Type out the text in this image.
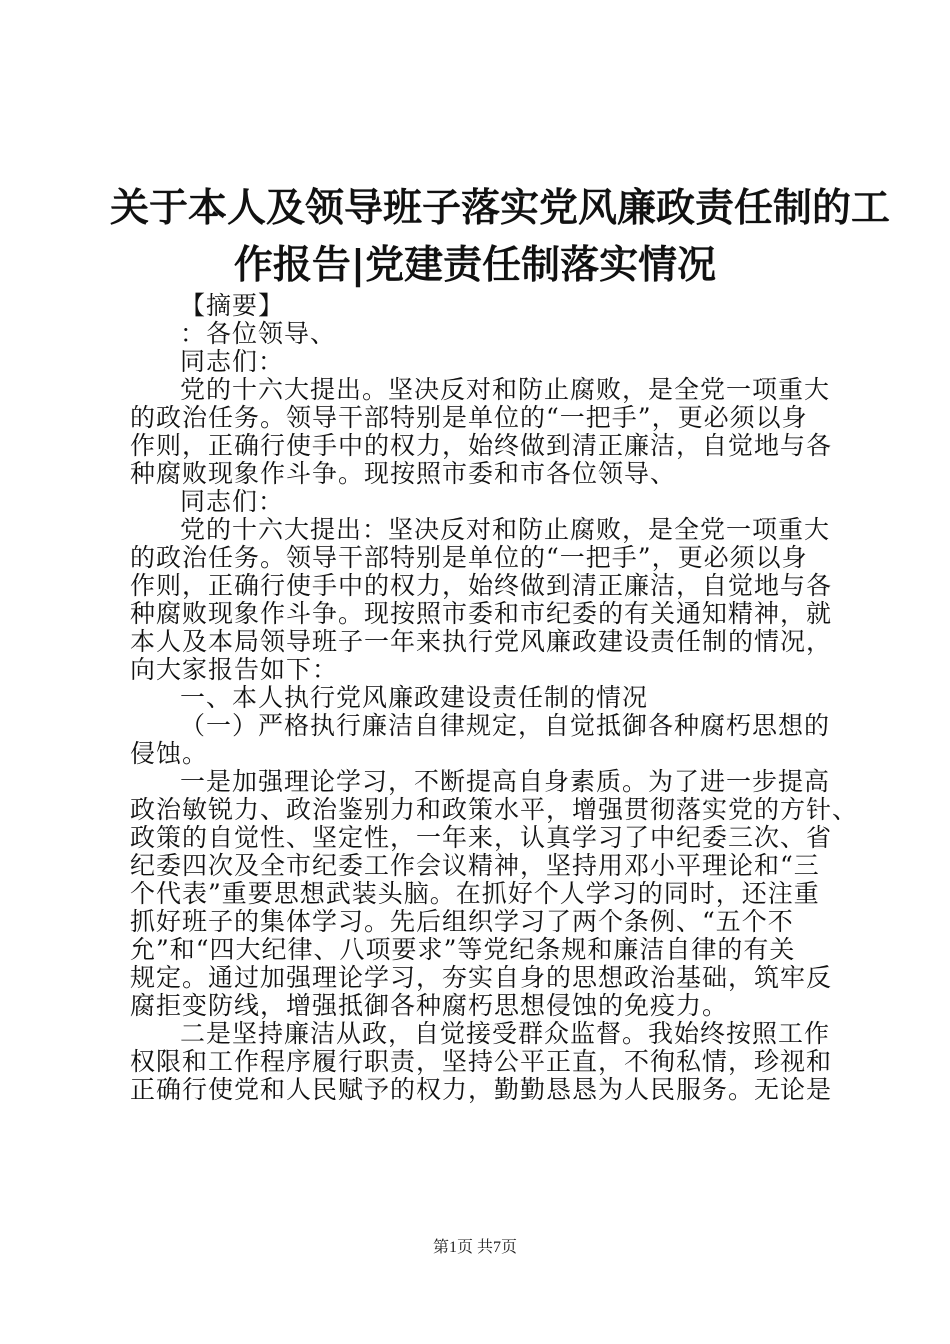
关于本人及领导班子落实党风廉政责任制的工
作报告|党建责任制落实情况
【摘要】
：各位领导、
同志们：
党的十六大提出。坚决反对和防止腐败，是全党一项重大
的政治任务。领导干部特别是单位的“一把手”，更必须以身
作则，正确行使手中的权力，始终做到清正廉洁，自觉地与各
种腐败现象作斗争。现按照市委和市各位领导、
同志们：
党的十六大提出：坚决反对和防止腐败，是全党一项重大
的政治任务。领导干部特别是单位的“一把手”，更必须以身
作则，正确行使手中的权力，始终做到清正廉洁，自觉地与各
种腐败现象作斗争。现按照市委和市纪委的有关通知精神，就
本人及本局领导班子一年来执行党风廉政建设责任制的情况，
向大家报告如下：
一、本人执行党风廉政建设责任制的情况
（一）严格执行廉洁自律规定，自觉抵御各种腐朽思想的
侵蚀。
一是加强理论学习，不断提高自身素质。为了进一步提高
政治敏锐力、政治鉴别力和政策水平，增强贯彻落实党的方针、
政策的自觉性、坚定性，一年来，认真学习了中纪委三次、省
纪委四次及全市纪委工作会议精神，坚持用邓小平理论和“三
个代表”重要思想武装头脑。在抓好个人学习的同时，还注重
抓好班子的集体学习。先后组织学习了两个条例、“五个不
允”和“四大纪律、八项要求”等党纪条规和廉洁自律的有关
规定。通过加强理论学习，夯实自身的思想政治基础，筑牢反
腐拒变防线，增强抵御各种腐朽思想侵蚀的免疫力。
二是坚持廉洁从政，自觉接受群众监督。我始终按照工作
权限和工作程序履行职责，坚持公平正直，不徇私情，珍视和
正确行使党和人民赋予的权力，勤勤恳恳为人民服务。无论是
第1页 共7页
